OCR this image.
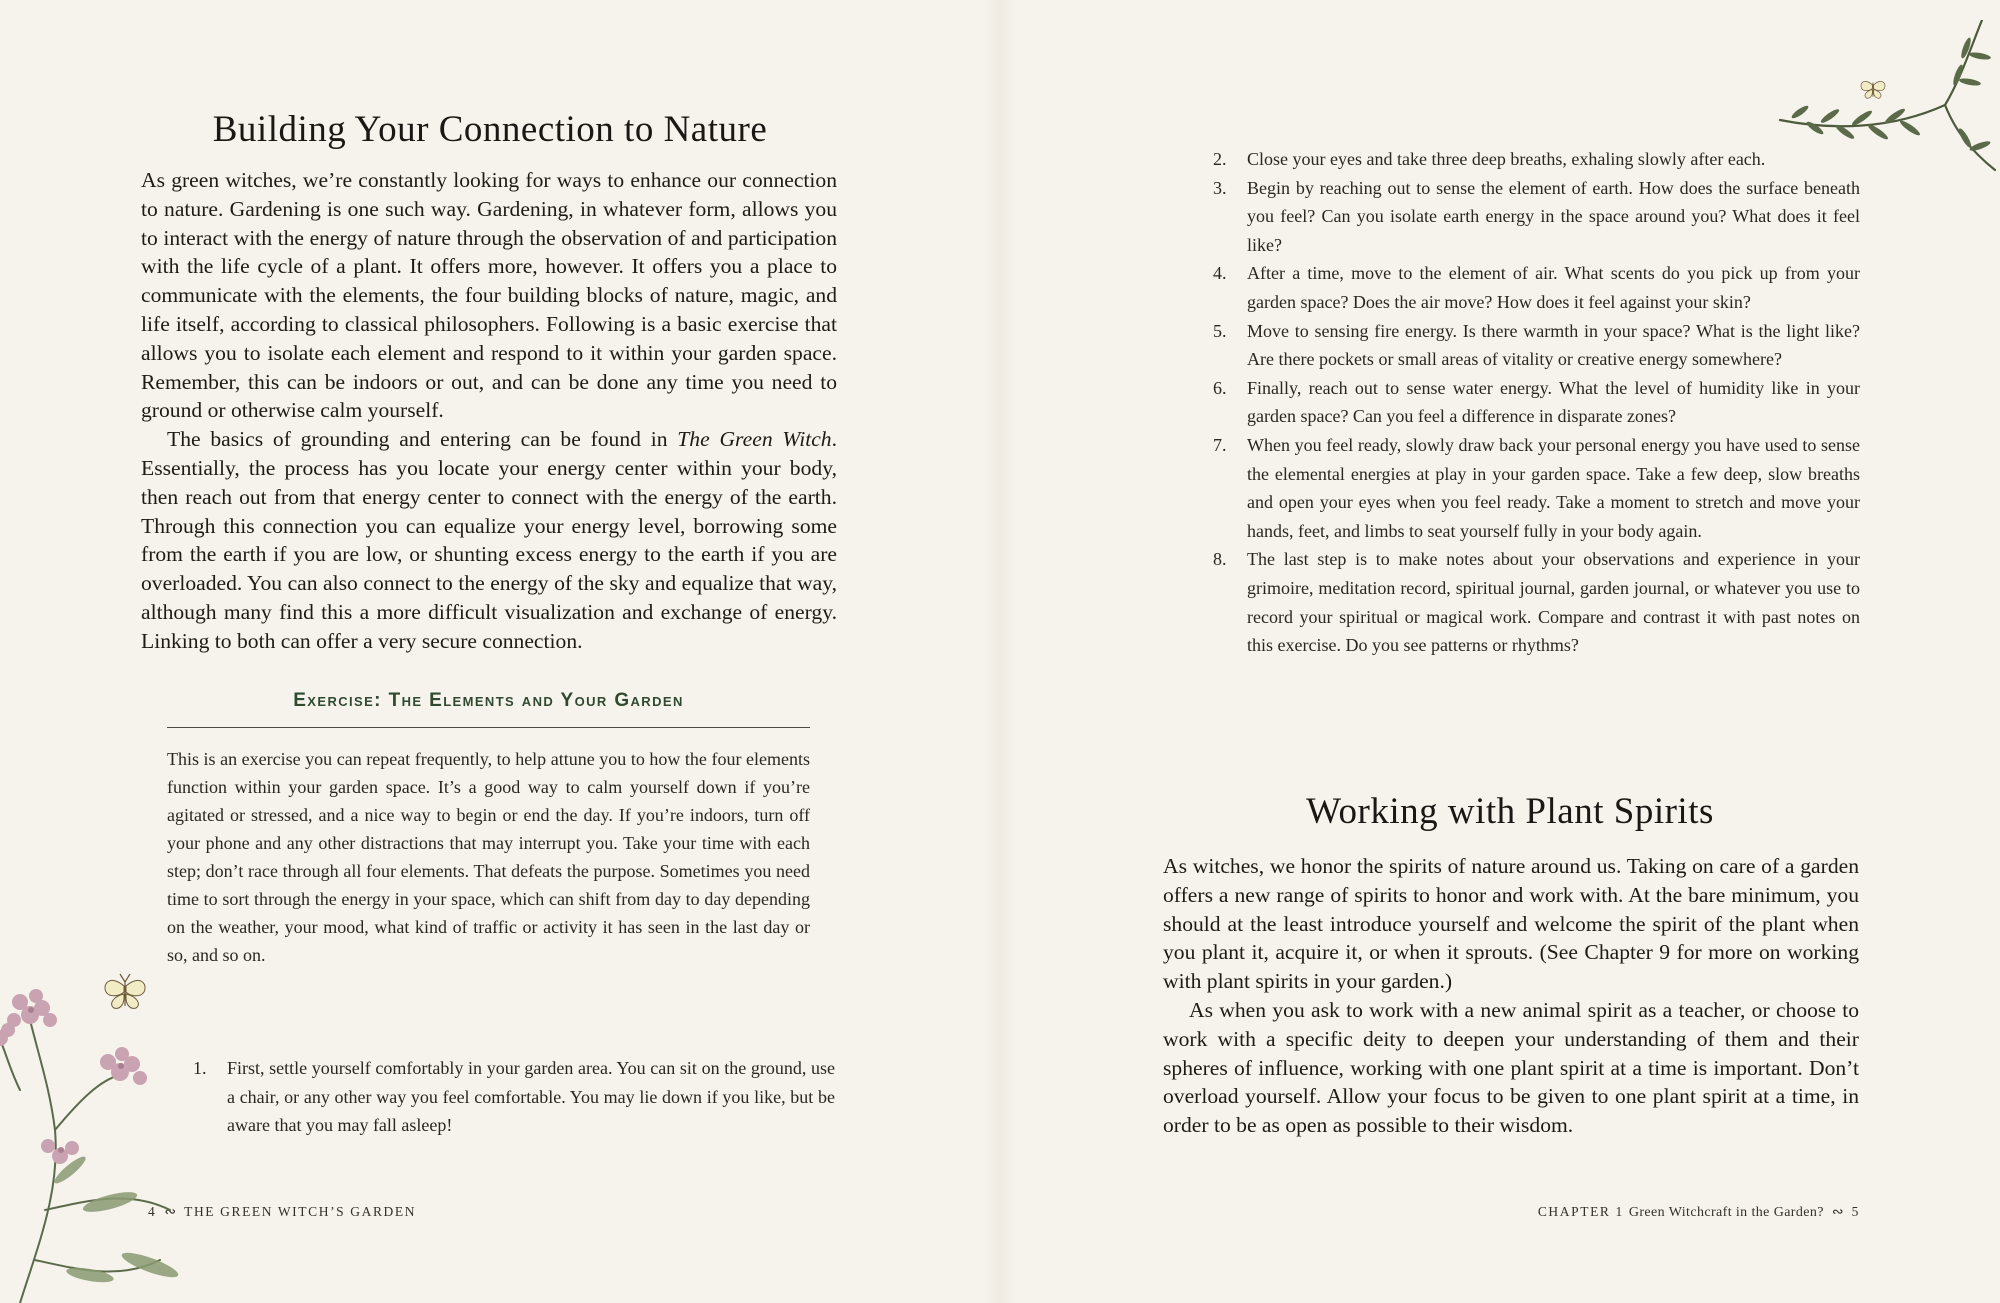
Building Your Connection to Nature

As green witches, we’re constantly looking for ways to enhance our connection to nature. Gardening is one such way. Gardening, in whatever form, allows you to interact with the energy of nature through the observation of and participation with the life cycle of a plant. It offers more, however. It offers you a place to communicate with the elements, the four building blocks of nature, magic, and life itself, according to classical philosophers. Following is a basic exercise that allows you to isolate each element and respond to it within your garden space. Remember, this can be indoors or out, and can be done any time you need to ground or otherwise calm yourself.

The basics of grounding and entering can be found in The Green Witch. Essentially, the process has you locate your energy center within your body, then reach out from that energy center to connect with the energy of the earth. Through this connection you can equalize your energy level, borrowing some from the earth if you are low, or shunting excess energy to the earth if you are overloaded. You can also connect to the energy of the sky and equalize that way, although many find this a more difficult visualization and exchange of energy. Linking to both can offer a very secure connection.

Exercise: The Elements and Your Garden

This is an exercise you can repeat frequently, to help attune you to how the four elements function within your garden space. It’s a good way to calm yourself down if you’re agitated or stressed, and a nice way to begin or end the day. If you’re indoors, turn off your phone and any other distractions that may interrupt you. Take your time with each step; don’t race through all four elements. That defeats the purpose. Sometimes you need time to sort through the energy in your space, which can shift from day to day depending on the weather, your mood, what kind of traffic or activity it has seen in the last day or so, and so on.

1. First, settle yourself comfortably in your garden area. You can sit on the ground, use a chair, or any other way you feel comfortable. You may lie down if you like, but be aware that you may fall asleep!
4 ∾ THE GREEN WITCH’S GARDEN
2. Close your eyes and take three deep breaths, exhaling slowly after each.
3. Begin by reaching out to sense the element of earth. How does the surface beneath you feel? Can you isolate earth energy in the space around you? What does it feel like?
4. After a time, move to the element of air. What scents do you pick up from your garden space? Does the air move? How does it feel against your skin?
5. Move to sensing fire energy. Is there warmth in your space? What is the light like? Are there pockets or small areas of vitality or creative energy somewhere?
6. Finally, reach out to sense water energy. What the level of humidity like in your garden space? Can you feel a difference in disparate zones?
7. When you feel ready, slowly draw back your personal energy you have used to sense the elemental energies at play in your garden space. Take a few deep, slow breaths and open your eyes when you feel ready. Take a moment to stretch and move your hands, feet, and limbs to seat yourself fully in your body again.
8. The last step is to make notes about your observations and experience in your grimoire, meditation record, spiritual journal, garden journal, or whatever you use to record your spiritual or magical work. Compare and contrast it with past notes on this exercise. Do you see patterns or rhythms?
Working with Plant Spirits

As witches, we honor the spirits of nature around us. Taking on care of a garden offers a new range of spirits to honor and work with. At the bare minimum, you should at the least introduce yourself and welcome the spirit of the plant when you plant it, acquire it, or when it sprouts. (See Chapter 9 for more on working with plant spirits in your garden.)

As when you ask to work with a new animal spirit as a teacher, or choose to work with a specific deity to deepen your understanding of them and their spheres of influence, working with one plant spirit at a time is important. Don’t overload yourself. Allow your focus to be given to one plant spirit at a time, in order to be as open as possible to their wisdom.

CHAPTER 1 Green Witchcraft in the Garden? ∾ 5
